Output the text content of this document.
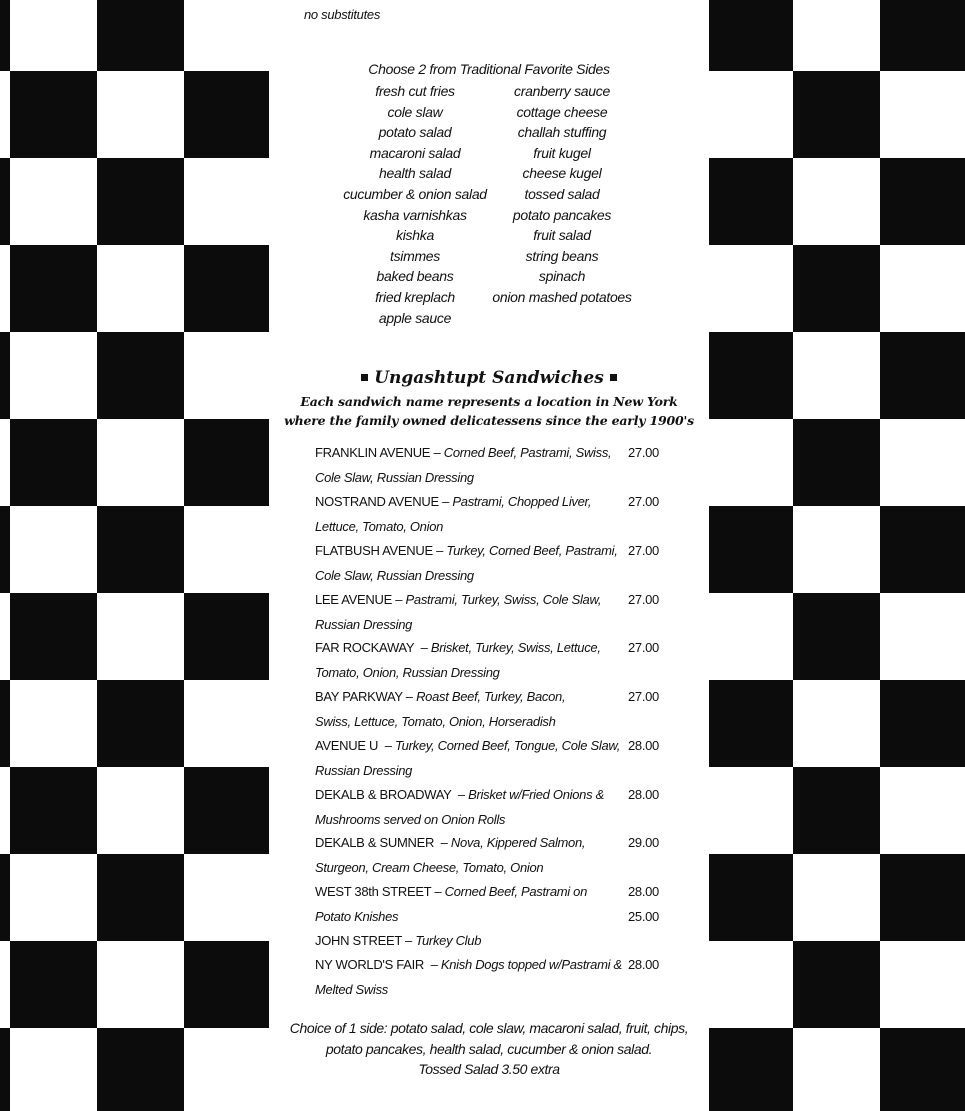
no substitutes
Choose 2 from Traditional Favorite Sides
fresh cut fries
cole slaw
potato salad
macaroni salad
health salad
cucumber & onion salad
kasha varnishkas
kishka
tsimmes
baked beans
fried kreplach
apple sauce
cranberry sauce
cottage cheese
challah stuffing
fruit kugel
cheese kugel
tossed salad
potato pancakes
fruit salad
string beans
spinach
onion mashed potatoes
Ungashtupt Sandwiches
Each sandwich name represents a location in New York
where the family owned delicatessens since the early 1900's
FRANKLIN AVENUE – Corned Beef, Pastrami, Swiss,
Cole Slaw, Russian Dressing
27.00
NOSTRAND AVENUE – Pastrami, Chopped Liver,
Lettuce, Tomato, Onion
27.00
FLATBUSH AVENUE – Turkey, Corned Beef, Pastrami,
Cole Slaw, Russian Dressing
27.00
LEE AVENUE – Pastrami, Turkey, Swiss, Cole Slaw,
Russian Dressing
27.00
FAR ROCKAWAY  – Brisket, Turkey, Swiss, Lettuce,
Tomato, Onion, Russian Dressing
27.00
BAY PARKWAY – Roast Beef, Turkey, Bacon,
Swiss, Lettuce, Tomato, Onion, Horseradish
27.00
AVENUE U  – Turkey, Corned Beef, Tongue, Cole Slaw,
Russian Dressing
28.00
DEKALB & BROADWAY  – Brisket w/Fried Onions &
Mushrooms served on Onion Rolls
28.00
DEKALB & SUMNER  – Nova, Kippered Salmon,
Sturgeon, Cream Cheese, Tomato, Onion
29.00
WEST 38th STREET – Corned Beef, Pastrami on
Potato Knishes
28.00
JOHN STREET – Turkey Club
25.00
NY WORLD'S FAIR  – Knish Dogs topped w/Pastrami &
Melted Swiss
28.00
Choice of 1 side: potato salad, cole slaw, macaroni salad, fruit, chips,
potato pancakes, health salad, cucumber & onion salad.
Tossed Salad 3.50 extra
